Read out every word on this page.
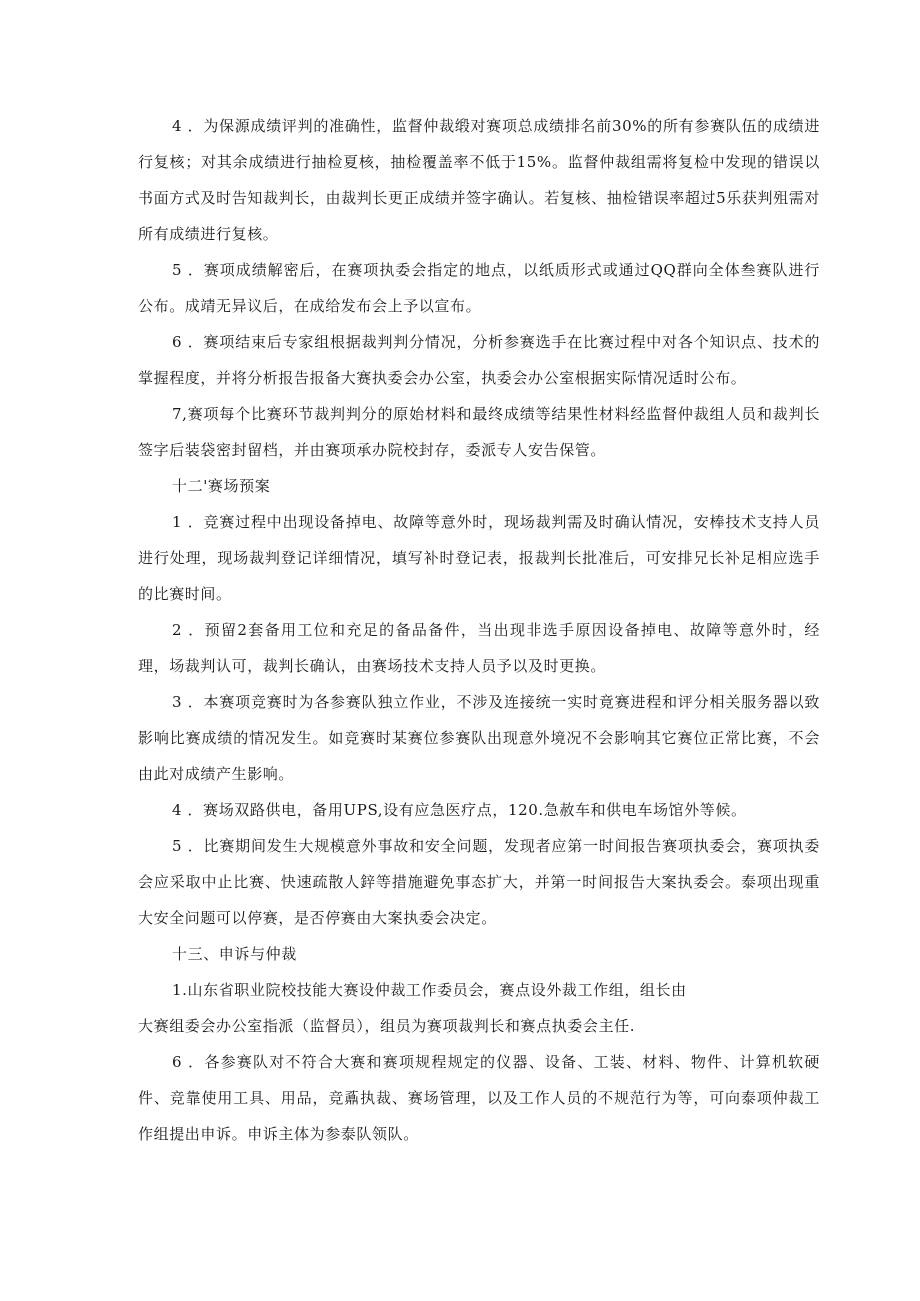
4 ．为保源成绩评判的准确性，监督仲裁缎对赛项总成绩排名前30%的所有参赛队伍的成绩进行复核；对其余成绩进行抽检夏核，抽检覆盖率不低于15%。监督仲裁组需将复检中发现的错误以书面方式及时告知裁判长，由裁判长更正成绩并签字确认。若复核、抽检错误率超过5乐获判殂需对所有成绩进行复核。

5 ．赛项成绩解密后，在赛项执委会指定的地点，以纸质形式或通过QQ群向全体叁赛队进行公布。成靖无异议后，在成给发布会上予以宣布。

6 ．赛项结束后专家组根据裁判判分情况，分析参赛选手在比赛过程中对各个知识点、技术的掌握程度，并将分析报告报备大赛执委会办公室，执委会办公室根据实际情况适时公布。

7,赛项每个比赛环节裁判判分的原始材料和最终成绩等结果性材料经监督仲裁组人员和裁判长签字后装袋密封留档，并由赛项承办院校封存，委派专人安告保管。

十二'赛场预案

1 ．竞赛过程中出现设备掉电、故障等意外时，现场裁判需及时确认情况，安棒技术支持人员进行处理，现场裁判登记详细情况，填写补时登记表，报裁判长批准后，可安排兄长补足相应选手的比赛时间。

2 ．预留2套备用工位和充足的备品备件，当出现非选手原因设备掉电、故障等意外时，经理，场裁判认可，裁判长确认，由赛场技术支持人员予以及时更换。

3 ．本赛项竞赛时为各参赛队独立作业，不涉及连接统一实时竟赛进程和评分相关服务器以致影响比赛成绩的情况发生。如竞赛时某赛位参赛队出现意外境况不会影响其它赛位正常比赛，不会由此对成绩产生影响。

4 ．赛场双路供电，备用UPS,设有应急医疗点，120.急赦车和供电车场馆外等候。

5 ．比赛期间发生大规模意外事故和安全问题，发现者应第一时间报告赛项执委会，赛项执委会应采取中止比赛、快速疏散人鋅等措施避免事态扩大，并第一时间报告大案执委会。泰项出现重大安全问题可以停赛，是否停赛由大案执委会决定。

十三、申诉与仲裁

1.山东省职业院校技能大赛设仲裁工作委员会，赛点设外裁工作组，组长由

大赛组委会办公室指派（监督员），组员为赛项裁判长和赛点执委会主任.

6 ．各参赛队对不符合大赛和赛项规程规定的仪器、设备、工装、材料、物件、计算机软硬件、竞靠使用工具、用品，竞鼒执裁、赛场管理，以及工作人员的不规范行为等，可向泰项仲裁工作组提出申诉。申诉主体为参泰队领队。
